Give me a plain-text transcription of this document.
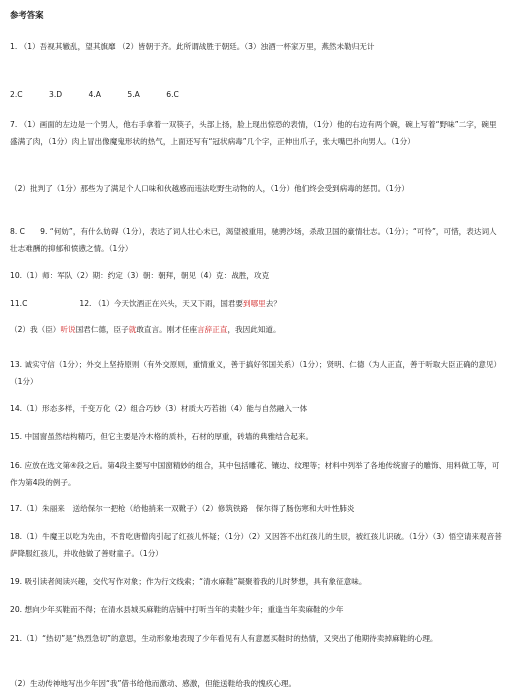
参考答案
1. （1）吾视其辙乱，望其旗靡 （2）皆朝于齐。此所谓战胜于朝廷。（3）浊酒一杯家万里，燕然未勒归无计
2.C	3.D	4.A	5.A	6.C
7. （1）画面的左边是一个男人，他右手拿着一双筷子，头部上扬，脸上现出惊恐的表情，（1分）他的右边有两个碗，碗上写着“野味”二字，碗里盛满了肉，（1分）肉上冒出像魔鬼形状的热气，上面还写有“冠状病毒”几个字，正伸出爪子，张大嘴巴扑向男人。（1分）
（2）批判了（1分）那些为了满足个人口味和伙越感而违法吃野生动物的人，（1分）他们终会受到病毒的惩罚。（1分）
8. C　　9. “何妨”，有什么妨碍（1分），表达了词人壮心未已，渴望被重用，驰骋沙场，杀敌卫国的豪情壮志。（1分）；“可怜”，可惜，表达词人壮志难酬的抑郁和愤懑之情。（1分）
10.（1）师：军队（2）期：约定（3）朝：朝拜，朝见（4）克：战胜，攻克
11.C	12. （1）今天饮酒正在兴头，天又下雨，国君要到哪里去？
（2）我（臣）听说国君仁德，臣子就敢直言。刚才任座言辞正直，我因此知道。
13. 诚实守信（1分）；外交上坚持原则（有外交原则，重情重义，善于搞好邻国关系）（1分）；贤明、仁德（为人正直，善于听取大臣正确的意见）（1分）
14.（1）形态多样，千变万化（2）组合巧妙（3）材质大巧若拙（4）能与自然融入一体
15. 中国窗虽然结构精巧，但它主要是冷木格的质朴，石材的厚重，砖墙的典雅结合起来。
16. 应放在选文第④段之后。第4段主要写中国窗精妙的组合，其中包括雕花、镶边、纹理等；材料中列举了各地传统窗子的雕饰、用料做工等，可作为第4段的例子。
17.（1）朱丽来　送给保尔一把枪（给他捎来一双靴子）（2）修筑铁路　保尔得了肠伤寒和大叶性肺炎
18.（1）牛魔王以吃为先由，不肯吃唐僧肉引起了红孩儿怀疑；（1分）（2）又因答不出红孩儿的生辰，被红孩儿识破。（1分）（3）悟空请来观音菩萨降服红孩儿，并收他做了善财童子。（1分）
19. 吸引读者阅读兴趣，交代写作对象；作为行文线索；“清水麻鞋”凝聚着我的儿时梦想，具有象征意味。
20. 想向少年买鞋而不得；在清水县城买麻鞋的店铺中打听当年的卖鞋少年；重逢当年卖麻鞋的少年
21.（1）“热切”是“热烈急切”的意思，生动形象地表现了少年看见有人有意愿买鞋时的热情，又突出了他期待卖掉麻鞋的心理。
（2）生动传神地写出少年因“我”借书给他而激动、感激，但能送鞋给我的愧疚心理。
